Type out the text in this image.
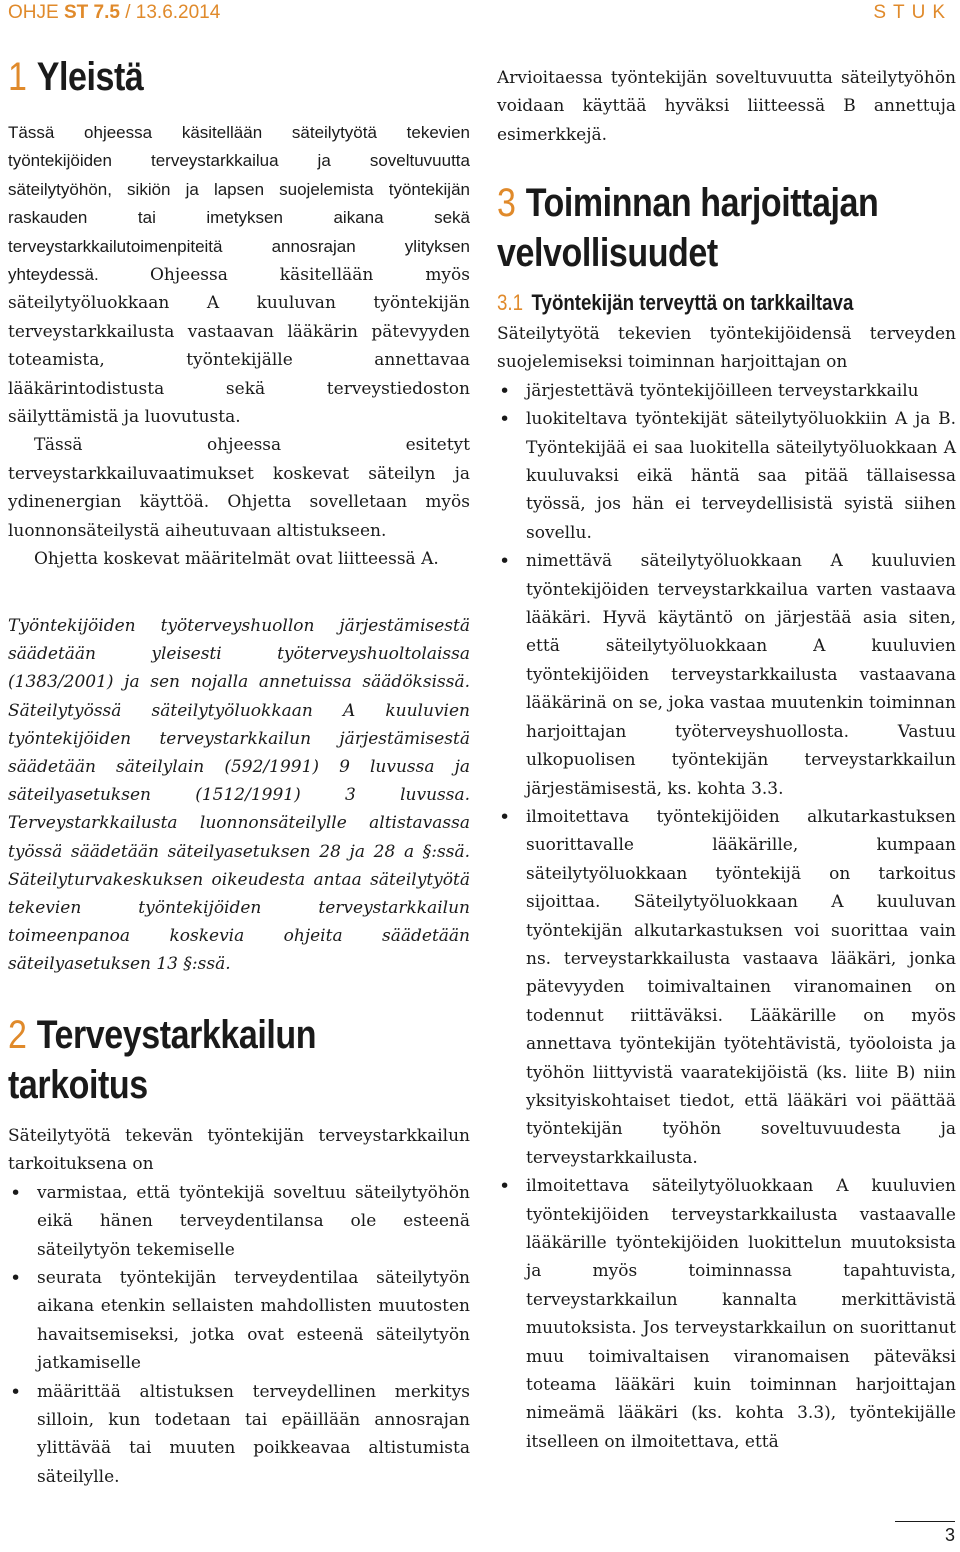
OHJE ST 7.5 / 13.6.2014	STUK
1 Yleistä

Tässä ohjeessa käsitellään säteilytyötä tekevien työntekijöiden terveystarkkailua ja soveltuvuutta säteilytyöhön, sikiön ja lapsen suojelemista työntekijän raskauden tai imetyksen aikana sekä terveystarkkailutoimenpiteitä annosrajan ylityksen yhteydessä.	Ohjeessa käsitellään myös säteilytyöluokkaan A kuuluvan työntekijän terveystarkkailusta vastaavan lääkärin pätevyyden toteamista, työntekijälle annettavaa lääkärintodistusta sekä terveystiedoston säilyttämistä ja luovutusta.

Tässä ohjeessa esitetyt terveystarkkailuvaatimukset koskevat säteilyn ja ydinenergian käyttöä. Ohjetta sovelletaan myös luonnonsäteilystä aiheutuvaan altistukseen.

Ohjetta koskevat määritelmät ovat liitteessä A.

Työntekijöiden työterveyshuollon järjestämisestä säädetään yleisesti työterveyshuoltolaissa (1383/2001) ja sen nojalla annetuissa säädöksissä. Säteilytyössä säteilytyöluokkaan A kuuluvien työntekijöiden terveystarkkailun järjestämisestä säädetään säteilylain (592/1991) 9 luvussa ja säteilyasetuksen (1512/1991) 3 luvussa. Terveystarkkailusta luonnonsäteilylle altistavassa työssä säädetään säteilyasetuksen 28 ja 28 a §:ssä. Säteilyturvakeskuksen oikeudesta antaa säteilytyötä tekevien työntekijöiden terveystarkkailun toimeenpanoa koskevia ohjeita säädetään säteilyasetuksen 13 §:ssä.

2 Terveystarkkailun
tarkoitus

Säteilytyötä tekevän työntekijän terveystarkkailun tarkoituksena on

• varmistaa, että työntekijä soveltuu säteilytyöhön eikä hänen terveydentilansa ole esteenä säteilytyön tekemiselle
• seurata työntekijän terveydentilaa säteilytyön aikana etenkin sellaisten mahdollisten muutosten havaitsemiseksi, jotka ovat esteenä säteilytyön jatkamiselle
• määrittää altistuksen terveydellinen merkitys silloin, kun todetaan tai epäillään annosrajan ylittävää tai muuten poikkeavaa altistumista säteilylle.

Arvioitaessa työntekijän soveltuvuutta säteilytyöhön voidaan käyttää hyväksi liitteessä B annettuja esimerkkejä.

3 Toiminnan harjoittajan
velvollisuudet
3.1 Työntekijän terveyttä on tarkkailtava

Säteilytyötä tekevien työntekijöidensä terveyden suojelemiseksi toiminnan harjoittajan on

• järjestettävä työntekijöilleen terveystarkkailu
• luokiteltava työntekijät säteilytyöluokkiin A ja B. Työntekijää ei saa luokitella säteilytyöluokkaan A kuuluvaksi eikä häntä saa pitää tällaisessa työssä, jos hän ei terveydellisistä syistä siihen sovellu.
• nimettävä säteilytyöluokkaan A kuuluvien työntekijöiden terveystarkkailua varten vastaava lääkäri. Hyvä käytäntö on järjestää asia siten, että säteilytyöluokkaan A kuuluvien työntekijöiden terveystarkkailusta vastaavana lääkärinä on se, joka vastaa muutenkin toiminnan harjoittajan työterveyshuollosta. Vastuu ulkopuolisen työntekijän terveystarkkailun järjestämisestä, ks. kohta 3.3.
• ilmoitettava työntekijöiden alkutarkastuksen suorittavalle lääkärille, kumpaan säteilytyöluokkaan työntekijä on tarkoitus sijoittaa. Säteilytyöluokkaan A kuuluvan työntekijän alkutarkastuksen voi suorittaa vain ns. terveystarkkailusta vastaava lääkäri, jonka pätevyyden toimivaltainen viranomainen on todennut riittäväksi. Lääkärille on myös annettava työntekijän työtehtävistä, työoloista ja työhön liittyvistä vaaratekijöistä (ks. liite B) niin yksityiskohtaiset tiedot, että lääkäri voi päättää työntekijän työhön soveltuvuudesta ja terveystarkkailusta.
• ilmoitettava säteilytyöluokkaan A kuuluvien työntekijöiden terveystarkkailusta vastaavalle lääkärille työntekijöiden luokittelun muutoksista ja myös toiminnassa tapahtuvista, terveystarkkailun kannalta merkittävistä muutoksista. Jos terveystarkkailun on suorittanut muu toimivaltaisen viranomaisen päteväksi toteama lääkäri kuin toiminnan harjoittajan nimeämä lääkäri (ks. kohta 3.3), työntekijälle itselleen on ilmoitettava, että
3
